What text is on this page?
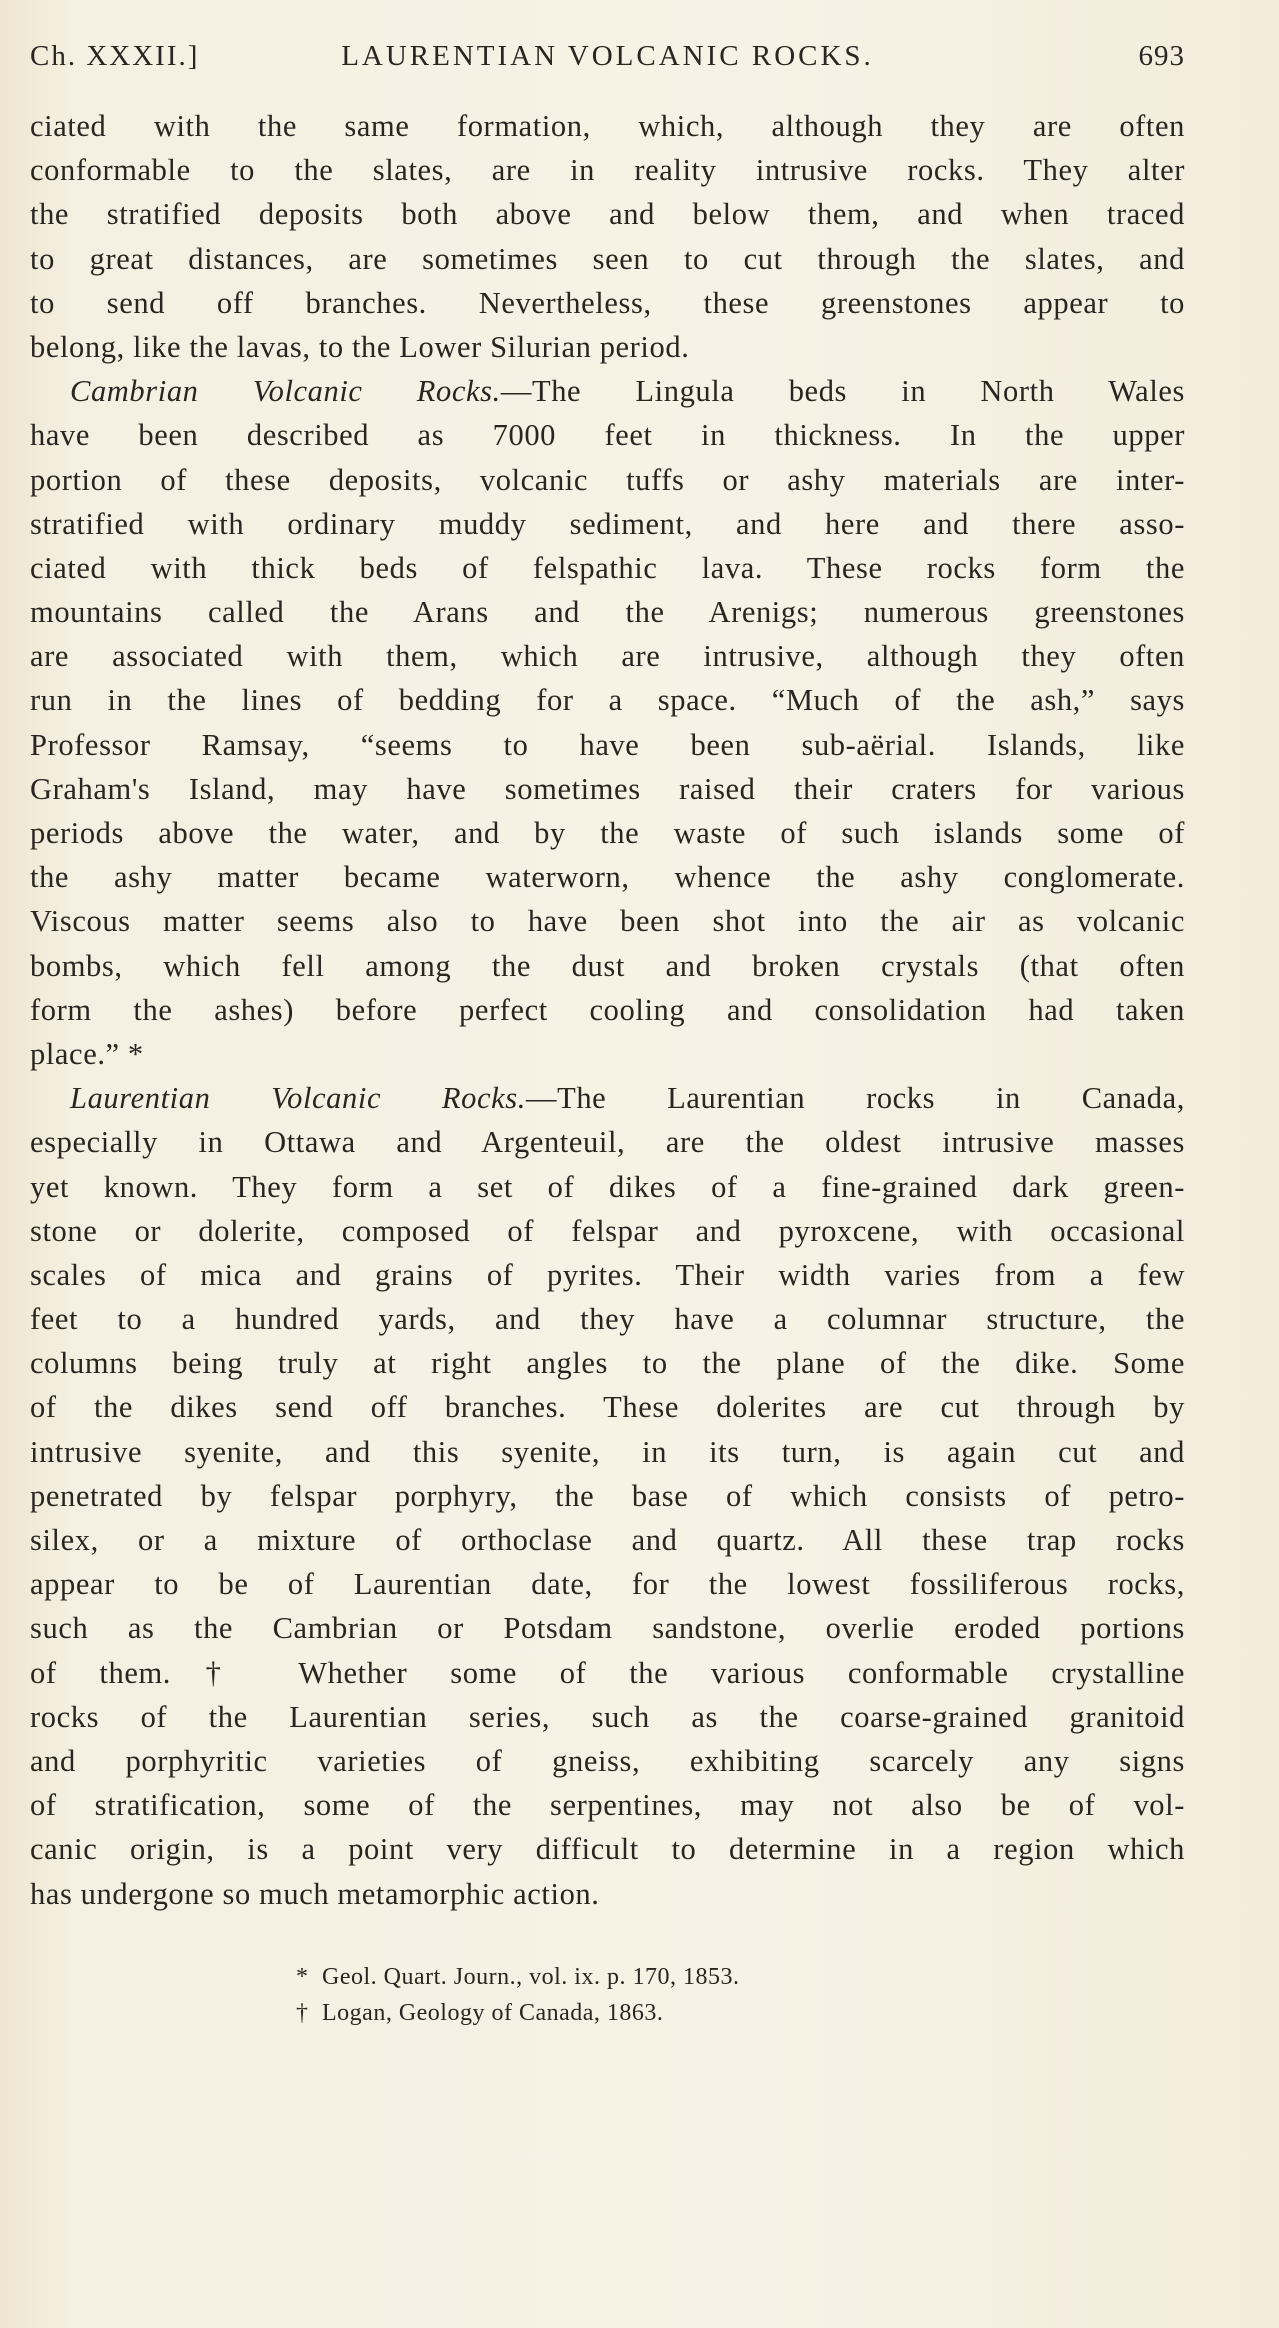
Ch. XXXII.]	LAURENTIAN VOLCANIC ROCKS.	693
ciated with the same formation, which, although they are often
conformable to the slates, are in reality intrusive rocks. They alter
the stratified deposits both above and below them, and when traced
to great distances, are sometimes seen to cut through the slates, and
to send off branches. Nevertheless, these greenstones appear to
belong, like the lavas, to the Lower Silurian period.
Cambrian Volcanic Rocks.—The Lingula beds in North Wales
have been described as 7000 feet in thickness. In the upper
portion of these deposits, volcanic tuffs or ashy materials are inter-
stratified with ordinary muddy sediment, and here and there asso-
ciated with thick beds of felspathic lava. These rocks form the
mountains called the Arans and the Arenigs; numerous greenstones
are associated with them, which are intrusive, although they often
run in the lines of bedding for a space. “Much of the ash,” says
Professor Ramsay, “seems to have been sub-aërial. Islands, like
Graham's Island, may have sometimes raised their craters for various
periods above the water, and by the waste of such islands some of
the ashy matter became waterworn, whence the ashy conglomerate.
Viscous matter seems also to have been shot into the air as volcanic
bombs, which fell among the dust and broken crystals (that often
form the ashes) before perfect cooling and consolidation had taken
place.” *
Laurentian Volcanic Rocks.—The Laurentian rocks in Canada,
especially in Ottawa and Argenteuil, are the oldest intrusive masses
yet known. They form a set of dikes of a fine-grained dark green-
stone or dolerite, composed of felspar and pyroxcene, with occasional
scales of mica and grains of pyrites. Their width varies from a few
feet to a hundred yards, and they have a columnar structure, the
columns being truly at right angles to the plane of the dike. Some
of the dikes send off branches. These dolerites are cut through by
intrusive syenite, and this syenite, in its turn, is again cut and
penetrated by felspar porphyry, the base of which consists of petro-
silex, or a mixture of orthoclase and quartz. All these trap rocks
appear to be of Laurentian date, for the lowest fossiliferous rocks,
such as the Cambrian or Potsdam sandstone, overlie eroded portions
of them.† Whether some of the various conformable crystalline
rocks of the Laurentian series, such as the coarse-grained granitoid
and porphyritic varieties of gneiss, exhibiting scarcely any signs
of stratification, some of the serpentines, may not also be of vol-
canic origin, is a point very difficult to determine in a region which
has undergone so much metamorphic action.
* Geol. Quart. Journ., vol. ix. p. 170, 1853.
† Logan, Geology of Canada, 1863.
